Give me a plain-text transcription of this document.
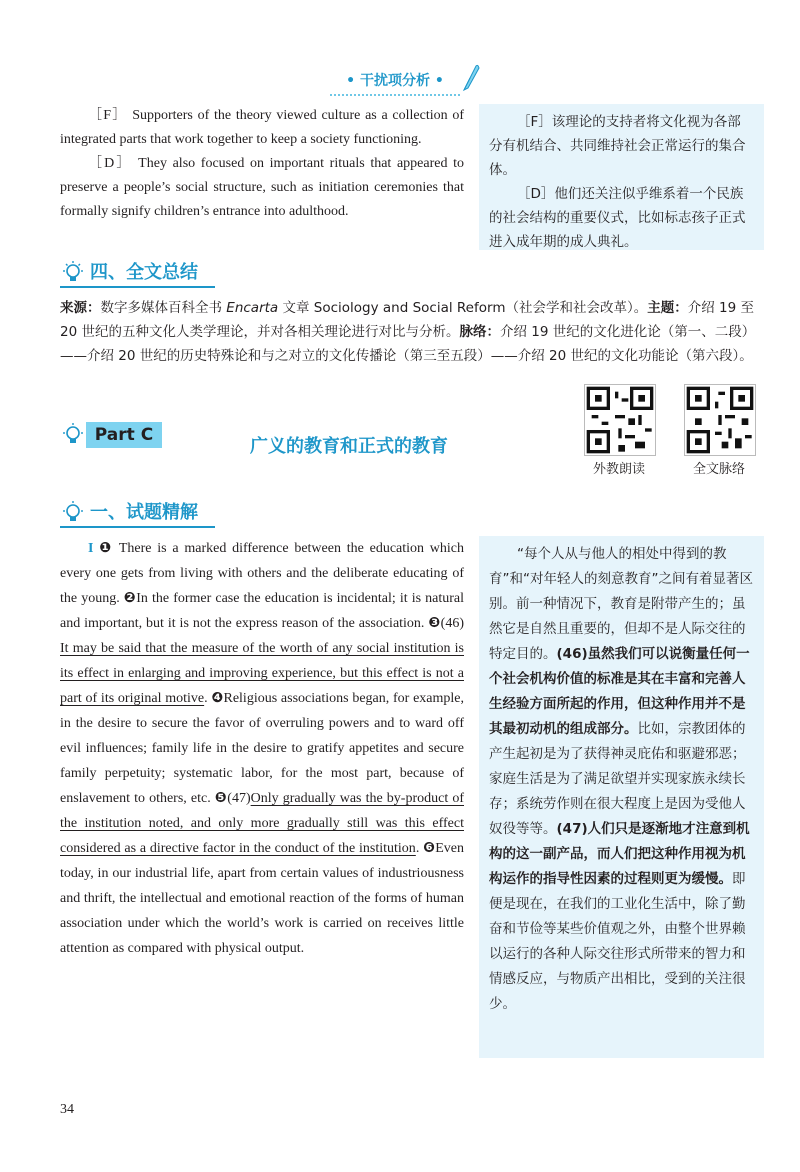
• 干扰项分析 •

［F］ Supporters of the theory viewed culture as a collection of integrated parts that work together to keep a society functioning.

［D］ They also focused on important rituals that appeared to preserve a people’s social structure, such as initiation ceremonies that formally signify children’s entrance into adulthood.

［F］该理论的支持者将文化视为各部分有机结合、共同维持社会正常运行的集合体。

［D］他们还关注似乎维系着一个民族的社会结构的重要仪式，比如标志孩子正式进入成年期的成人典礼。

四、全文总结

来源：数字多媒体百科全书 Encarta 文章 Sociology and Social Reform（社会学和社会改革）。主题：介绍 19 至 20 世纪的五种文化人类学理论，并对各相关理论进行对比与分析。脉络：介绍 19 世纪的文化进化论（第一、二段）——介绍 20 世纪的历史特殊论和与之对立的文化传播论（第三至五段）——介绍 20 世纪的文化功能论（第六段）。

Part C
广义的教育和正式的教育
外教朗读	全文脉络
一、试题精解

I ❶ There is a marked difference between the education which every one gets from living with others and the deliberate educating of the young. ❷In the former case the education is incidental; it is natural and important, but it is not the express reason of the association. ❸(46) It may be said that the measure of the worth of any social institution is its effect in enlarging and improving experience, but this effect is not a part of its original motive. ❹Religious associations began, for example, in the desire to secure the favor of overruling powers and to ward off evil influences; family life in the desire to gratify appetites and secure family perpetuity; systematic labor, for the most part, because of enslavement to others, etc. ❺(47)Only gradually was the by-product of the institution noted, and only more gradually still was this effect considered as a directive factor in the conduct of the institution. ❻Even today, in our industrial life, apart from certain values of industriousness and thrift, the intellectual and emotional reaction of the forms of human association under which the world’s work is carried on receives little attention as compared with physical output.

“每个人从与他人的相处中得到的教育”和“对年轻人的刻意教育”之间有着显著区别。前一种情况下，教育是附带产生的；虽然它是自然且重要的，但却不是人际交往的特定目的。(46)虽然我们可以说衡量任何一个社会机构价值的标准是其在丰富和完善人生经验方面所起的作用，但这种作用并不是其最初动机的组成部分。比如，宗教团体的产生起初是为了获得神灵庇佑和驱避邪恶；家庭生活是为了满足欲望并实现家族永续长存；系统劳作则在很大程度上是因为受他人奴役等等。(47)人们只是逐渐地才注意到机构的这一副产品，而人们把这种作用视为机构运作的指导性因素的过程则更为缓慢。即便是现在，在我们的工业化生活中，除了勤奋和节俭等某些价值观之外，由整个世界赖以运行的各种人际交往形式所带来的智力和情感反应，与物质产出相比，受到的关注很少。

34
